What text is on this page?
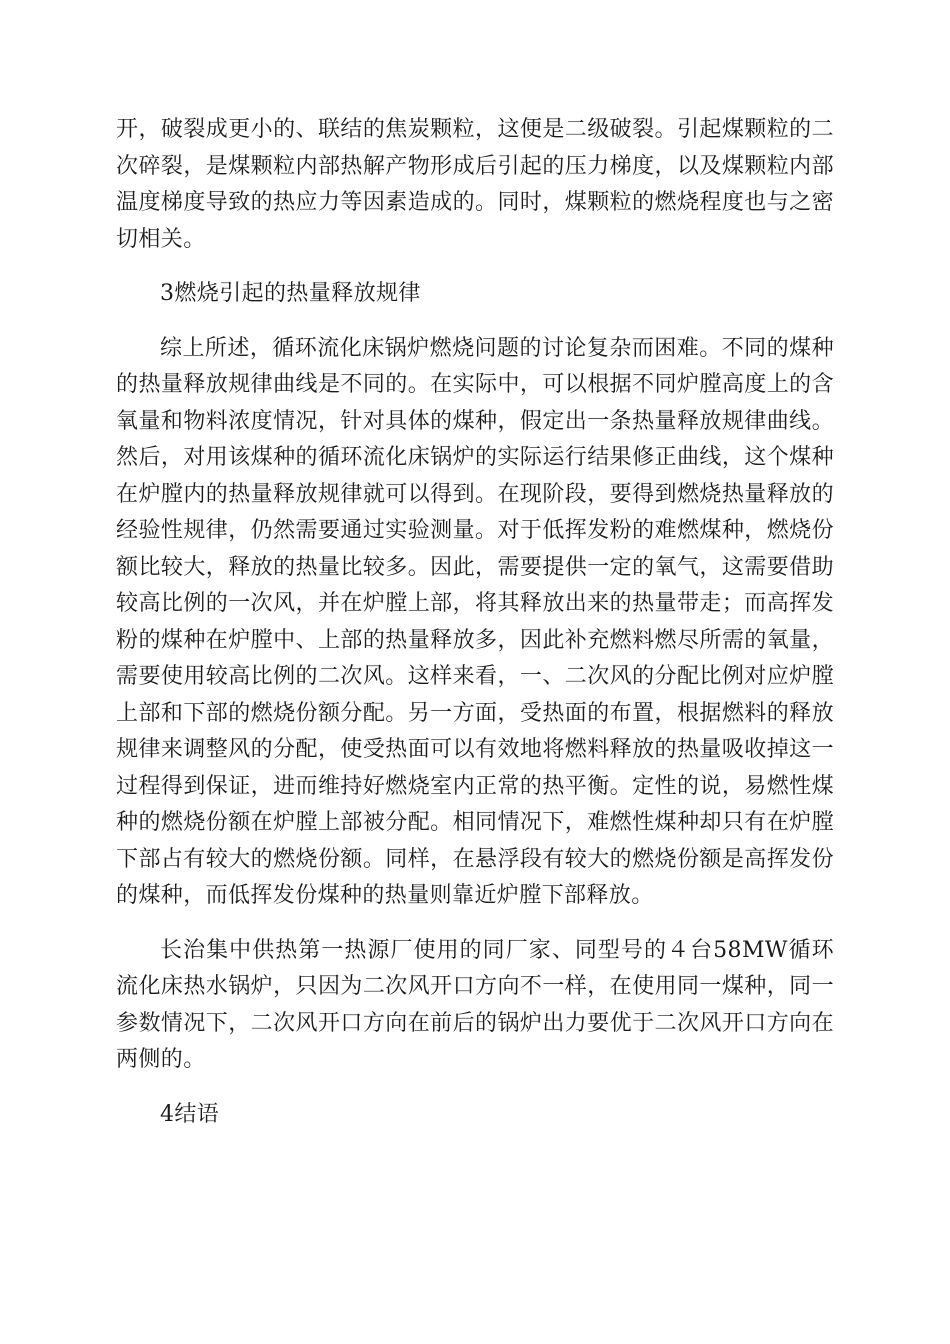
开，破裂成更小的、联结的焦炭颗粒，这便是二级破裂。引起煤颗粒的二次碎裂，是煤颗粒内部热解产物形成后引起的压力梯度，以及煤颗粒内部温度梯度导致的热应力等因素造成的。同时，煤颗粒的燃烧程度也与之密切相关。

3燃烧引起的热量释放规律

综上所述，循环流化床锅炉燃烧问题的讨论复杂而困难。不同的煤种的热量释放规律曲线是不同的。在实际中，可以根据不同炉膛高度上的含氧量和物料浓度情况，针对具体的煤种，假定出一条热量释放规律曲线。然后，对用该煤种的循环流化床锅炉的实际运行结果修正曲线，这个煤种在炉膛内的热量释放规律就可以得到。在现阶段，要得到燃烧热量释放的经验性规律，仍然需要通过实验测量。对于低挥发粉的难燃煤种，燃烧份额比较大，释放的热量比较多。因此，需要提供一定的氧气，这需要借助较高比例的一次风，并在炉膛上部，将其释放出来的热量带走；而高挥发粉的煤种在炉膛中、上部的热量释放多，因此补充燃料燃尽所需的氧量，需要使用较高比例的二次风。这样来看，一、二次风的分配比例对应炉膛上部和下部的燃烧份额分配。另一方面，受热面的布置，根据燃料的释放规律来调整风的分配，使受热面可以有效地将燃料释放的热量吸收掉这一过程得到保证，进而维持好燃烧室内正常的热平衡。定性的说，易燃性煤种的燃烧份额在炉膛上部被分配。相同情况下，难燃性煤种却只有在炉膛下部占有较大的燃烧份额。同样，在悬浮段有较大的燃烧份额是高挥发份的煤种，而低挥发份煤种的热量则靠近炉膛下部释放。

长治集中供热第一热源厂使用的同厂家、同型号的４台58MW循环流化床热水锅炉，只因为二次风开口方向不一样，在使用同一煤种，同一参数情况下，二次风开口方向在前后的锅炉出力要优于二次风开口方向在两侧的。

4结语
